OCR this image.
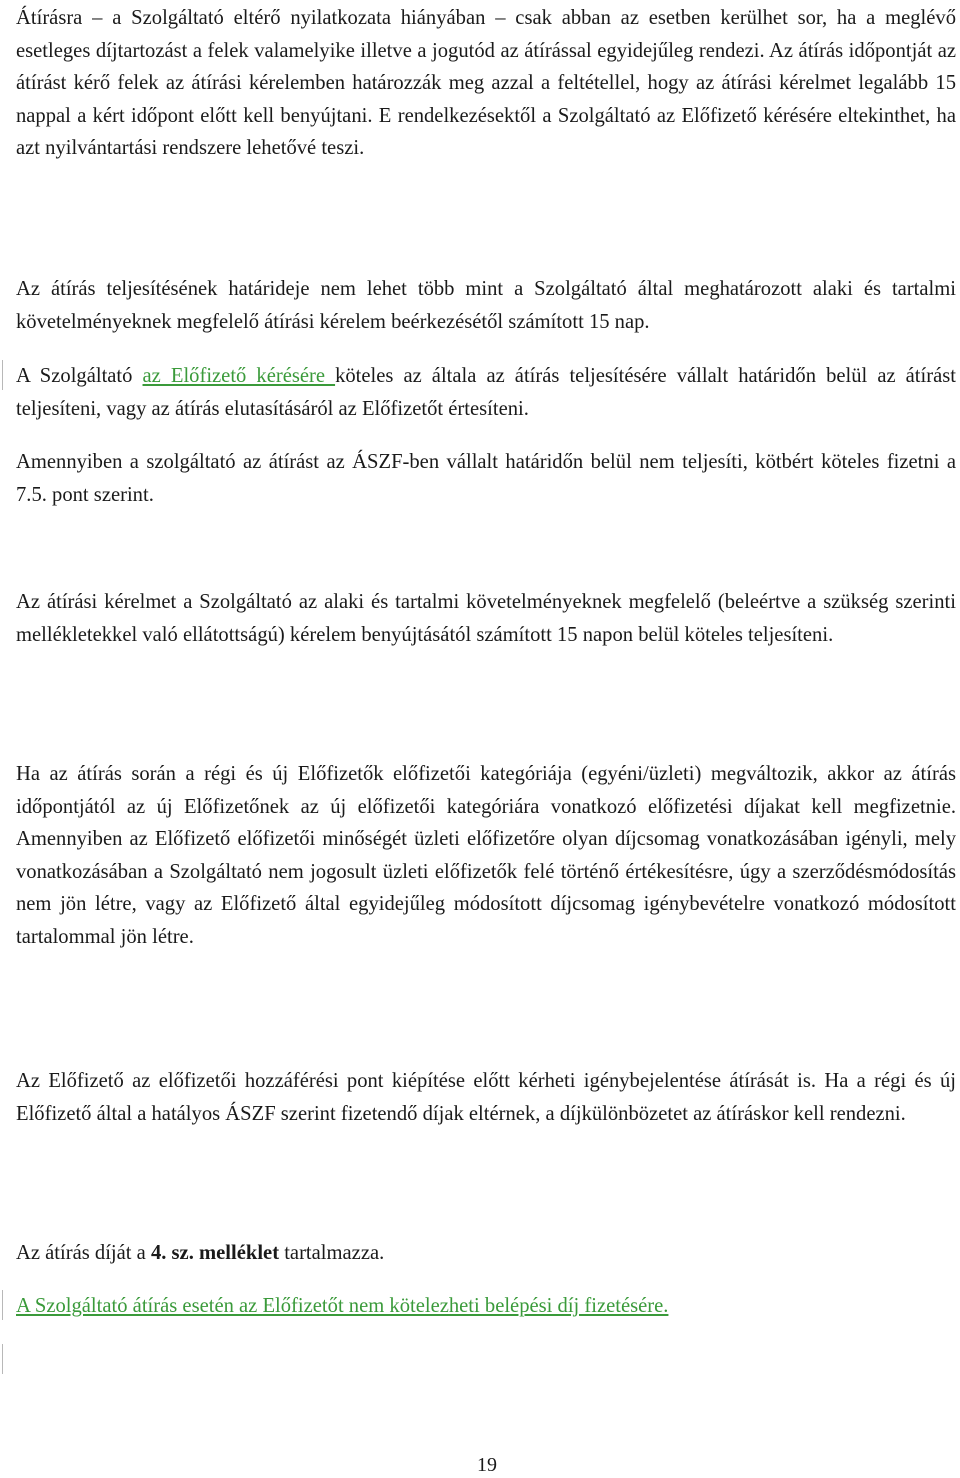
Átírásra – a Szolgáltató eltérő nyilatkozata hiányában – csak abban az esetben kerülhet sor, ha a meglévő esetleges díjtartozást a felek valamelyike illetve a jogutód az átírással egyidejűleg rendezi. Az átírás időpontját az átírást kérő felek az átírási kérelemben határozzák meg azzal a feltétellel, hogy az átírási kérelmet legalább 15 nappal a kért időpont előtt kell benyújtani. E rendelkezésektől a Szolgáltató az Előfizető kérésére eltekinthet, ha azt nyilvántartási rendszere lehetővé teszi.

Az átírás teljesítésének határideje nem lehet több mint a Szolgáltató által meghatározott alaki és tartalmi követelményeknek megfelelő átírási kérelem beérkezésétől számított 15 nap.

A Szolgáltató az Előfizető kérésére köteles az általa az átírás teljesítésére vállalt határidőn belül az átírást teljesíteni, vagy az átírás elutasításáról az Előfizetőt értesíteni.

Amennyiben a szolgáltató az átírást az ÁSZF-ben vállalt határidőn belül nem teljesíti, kötbért köteles fizetni a 7.5. pont szerint.

Az átírási kérelmet a Szolgáltató az alaki és tartalmi követelményeknek megfelelő (beleértve a szükség szerinti mellékletekkel való ellátottságú) kérelem benyújtásától számított 15 napon belül köteles teljesíteni.

Ha az átírás során a régi és új Előfizetők előfizetői kategóriája (egyéni/üzleti) megváltozik, akkor az átírás időpontjától az új Előfizetőnek az új előfizetői kategóriára vonatkozó előfizetési díjakat kell megfizetnie. Amennyiben az Előfizető előfizetői minőségét üzleti előfizetőre olyan díjcsomag vonatkozásában igényli, mely vonatkozásában a Szolgáltató nem jogosult üzleti előfizetők felé történő értékesítésre, úgy a szerződésmódosítás nem jön létre, vagy az Előfizető által egyidejűleg módosított díjcsomag igénybevételre vonatkozó módosított tartalommal jön létre.

Az Előfizető az előfizetői hozzáférési pont kiépítése előtt kérheti igénybejelentése átírását is. Ha a régi és új Előfizető által a hatályos ÁSZF szerint fizetendő díjak eltérnek, a díjkülönbözetet az átíráskor kell rendezni.

Az átírás díját a 4. sz. melléklet tartalmazza.

A Szolgáltató átírás esetén az Előfizetőt nem kötelezheti belépési díj fizetésére.

19
